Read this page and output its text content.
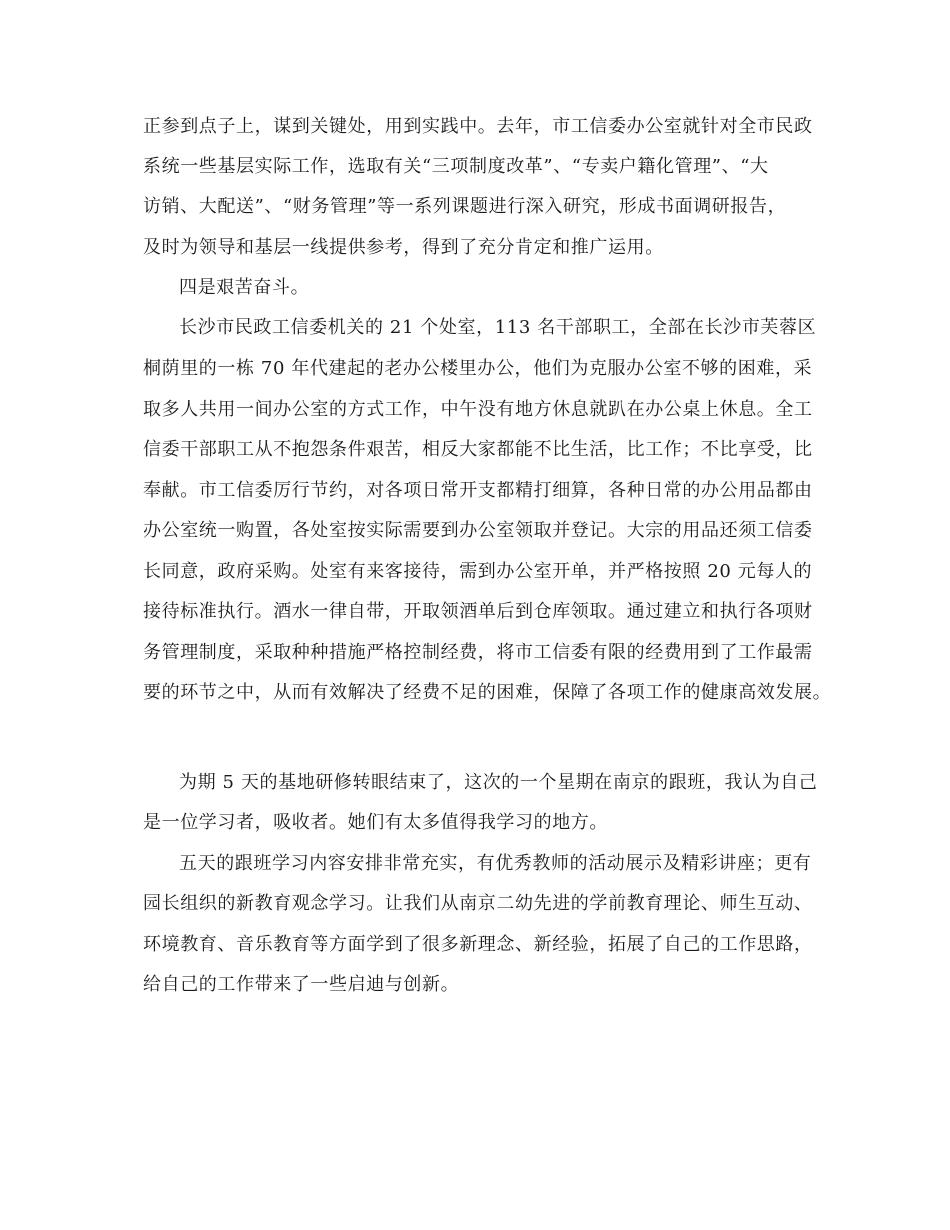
正参到点子上，谋到关键处，用到实践中。去年，市工信委办公室就针对全市民政

系统一些基层实际工作，选取有关“三项制度改革”、“专卖户籍化管理”、“大

访销、大配送”、“财务管理”等一系列课题进行深入研究，形成书面调研报告，

及时为领导和基层一线提供参考，得到了充分肯定和推广运用。

四是艰苦奋斗。

长沙市民政工信委机关的 21 个处室，113 名干部职工，全部在长沙市芙蓉区

桐荫里的一栋 70 年代建起的老办公楼里办公，他们为克服办公室不够的困难，采

取多人共用一间办公室的方式工作，中午没有地方休息就趴在办公桌上休息。全工

信委干部职工从不抱怨条件艰苦，相反大家都能不比生活，比工作；不比享受，比

奉献。市工信委厉行节约，对各项日常开支都精打细算，各种日常的办公用品都由

办公室统一购置，各处室按实际需要到办公室领取并登记。大宗的用品还须工信委

长同意，政府采购。处室有来客接待，需到办公室开单，并严格按照 20 元每人的

接待标准执行。酒水一律自带，开取领酒单后到仓库领取。通过建立和执行各项财

务管理制度，采取种种措施严格控制经费，将市工信委有限的经费用到了工作最需

要的环节之中，从而有效解决了经费不足的困难，保障了各项工作的健康高效发展。

为期 5 天的基地研修转眼结束了，这次的一个星期在南京的跟班，我认为自己

是一位学习者，吸收者。她们有太多值得我学习的地方。

五天的跟班学习内容安排非常充实，有优秀教师的活动展示及精彩讲座；更有

园长组织的新教育观念学习。让我们从南京二幼先进的学前教育理论、师生互动、

环境教育、音乐教育等方面学到了很多新理念、新经验，拓展了自己的工作思路，

给自己的工作带来了一些启迪与创新。
